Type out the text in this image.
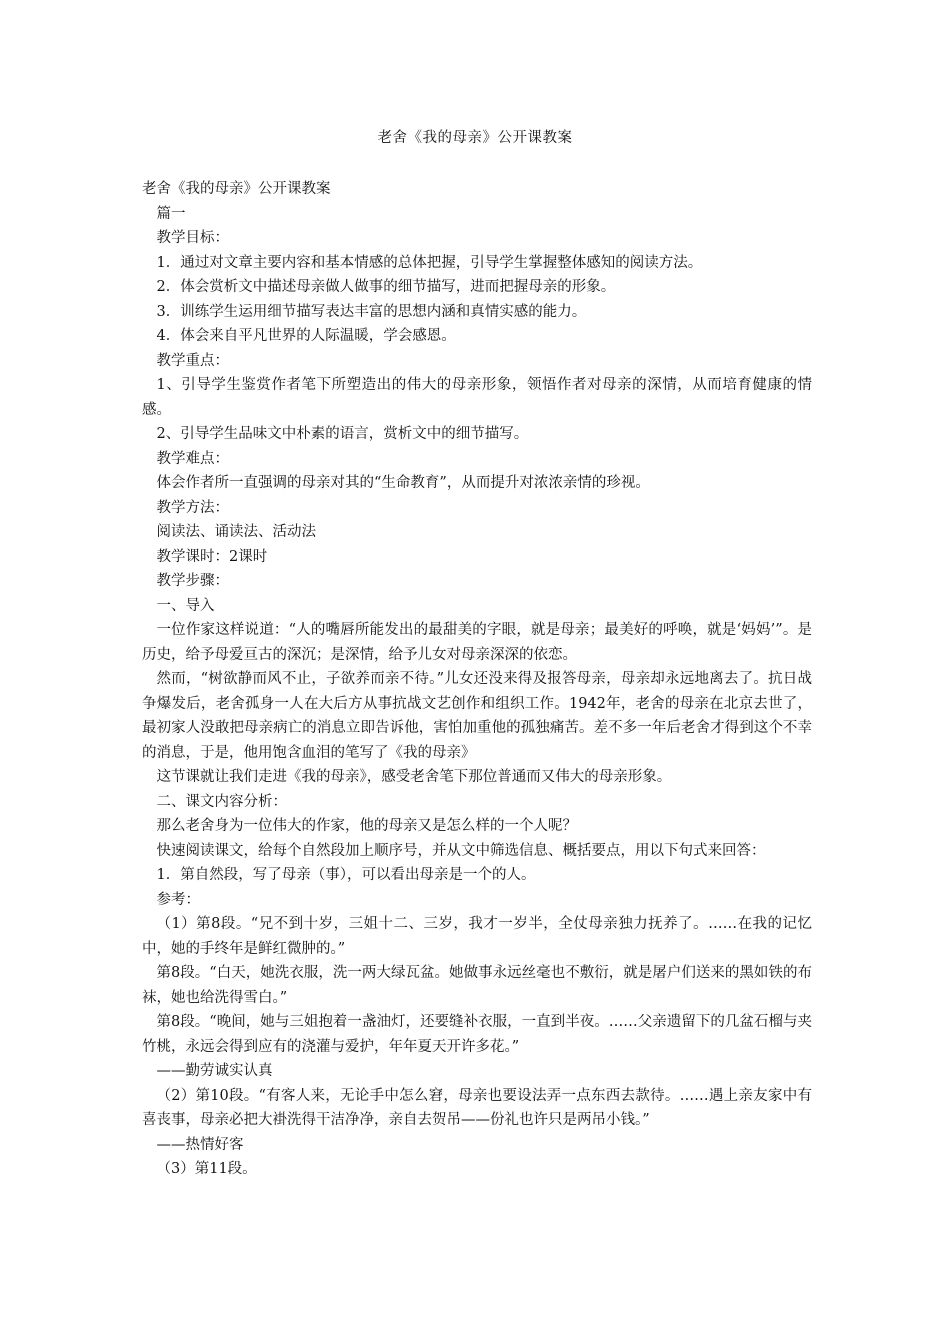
老舍《我的母亲》公开课教案

老舍《我的母亲》公开课教案

篇一

教学目标：

1．通过对文章主要内容和基本情感的总体把握，引导学生掌握整体感知的阅读方法。

2．体会赏析文中描述母亲做人做事的细节描写，进而把握母亲的形象。

3．训练学生运用细节描写表达丰富的思想内涵和真情实感的能力。

4．体会来自平凡世界的人际温暖，学会感恩。

教学重点：

1、引导学生鉴赏作者笔下所塑造出的伟大的母亲形象，领悟作者对母亲的深情，从而培育健康的情感。

2、引导学生品味文中朴素的语言，赏析文中的细节描写。

教学难点：

体会作者所一直强调的母亲对其的“生命教育”，从而提升对浓浓亲情的珍视。

教学方法：

阅读法、诵读法、活动法

教学课时：2课时

教学步骤：

一、导入

一位作家这样说道：“人的嘴唇所能发出的最甜美的字眼，就是母亲；最美好的呼唤，就是‘妈妈’”。是历史，给予母爱亘古的深沉；是深情，给予儿女对母亲深深的依恋。

然而，“树欲静而风不止，子欲养而亲不待。”儿女还没来得及报答母亲，母亲却永远地离去了。抗日战争爆发后，老舍孤身一人在大后方从事抗战文艺创作和组织工作。1942年，老舍的母亲在北京去世了，最初家人没敢把母亲病亡的消息立即告诉他，害怕加重他的孤独痛苦。差不多一年后老舍才得到这个不幸的消息，于是，他用饱含血泪的笔写了《我的母亲》

这节课就让我们走进《我的母亲》，感受老舍笔下那位普通而又伟大的母亲形象。

二、课文内容分析：

那么老舍身为一位伟大的作家，他的母亲又是怎么样的一个人呢？

快速阅读课文，给每个自然段加上顺序号，并从文中筛选信息、概括要点，用以下句式来回答：

1．第自然段，写了母亲（事），可以看出母亲是一个的人。

参考：

（1）第8段。“兄不到十岁，三姐十二、三岁，我才一岁半，全仗母亲独力抚养了。……在我的记忆中，她的手终年是鲜红微肿的。”

第8段。“白天，她洗衣服，洗一两大绿瓦盆。她做事永远丝毫也不敷衍，就是屠户们送来的黑如铁的布袜，她也给洗得雪白。”

第8段。“晚间，她与三姐抱着一盏油灯，还要缝补衣服，一直到半夜。……父亲遗留下的几盆石榴与夹竹桃，永远会得到应有的浇灌与爱护，年年夏天开许多花。”

——勤劳诚实认真

（2）第10段。“有客人来，无论手中怎么窘，母亲也要设法弄一点东西去款待。……遇上亲友家中有喜丧事，母亲必把大褂洗得干洁净净，亲自去贺吊——份礼也许只是两吊小钱。”

——热情好客

（3）第11段。
